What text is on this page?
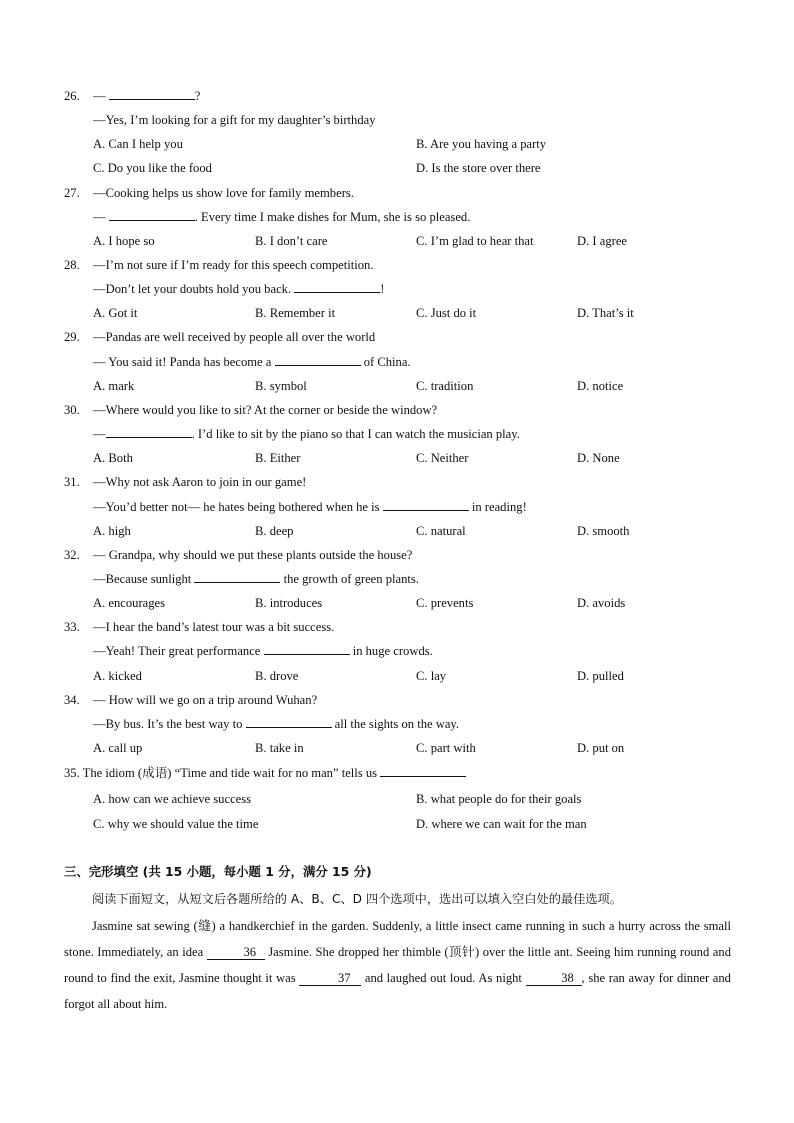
26. —	?
—Yes, I’m looking for a gift for my daughter’s birthday
A. Can I help you	B. Are you having a party
C. Do you like the food	D. Is the store over there
27. —Cooking helps us show love for family members.
—	. Every time I make dishes for Mum, she is so pleased.
A. I hope so	B. I don’t care	C. I’m glad to hear that	D. I agree
28. —I’m not sure if I’m ready for this speech competition.
—Don’t let your doubts hold you back.	!
A. Got it	B. Remember it	C. Just do it	D. That’s it
29. —Pandas are well received by people all over the world
— You said it! Panda has become a	of China.
A. mark	B. symbol	C. tradition	D. notice
30. —Where would you like to sit? At the corner or beside the window?
—	. I’d like to sit by the piano so that I can watch the musician play.
A. Both	B. Either	C. Neither	D. None
31. —Why not ask Aaron to join in our game!
—You’d better not— he hates being bothered when he is	in reading!
A. high	B. deep	C. natural	D. smooth
32. — Grandpa, why should we put these plants outside the house?
—Because sunlight	the growth of green plants.
A. encourages	B. introduces	C. prevents	D. avoids
33. —I hear the band’s latest tour was a bit success.
—Yeah! Their great performance	in huge crowds.
A. kicked	B. drove	C. lay	D. pulled
34. — How will we go on a trip around Wuhan?
—By bus. It’s the best way to	all the sights on the way.
A. call up	B. take in	C. part with	D. put on
35. The idiom (成语) “Time and tide wait for no man” tells us
A. how can we achieve success	B. what people do for their goals
C. why we should value the time	D. where we can wait for the man
三、完形填空 (共 15 小题，每小题 1 分，满分 15 分)
阅读下面短文，从短文后各题所给的 A、B、C、D 四个选项中，选出可以填入空白处的最佳选项。
Jasmine sat sewing (缝) a handkerchief in the garden. Suddenly, a little insect came running in such a hurry across the small stone. Immediately, an idea	36 Jasmine. She dropped her thimble (顶针) over the little ant. Seeing him running round and round to find the exit, Jasmine thought it was	37 and laughed out loud. As night	38 , she ran away for dinner and forgot all about him.
